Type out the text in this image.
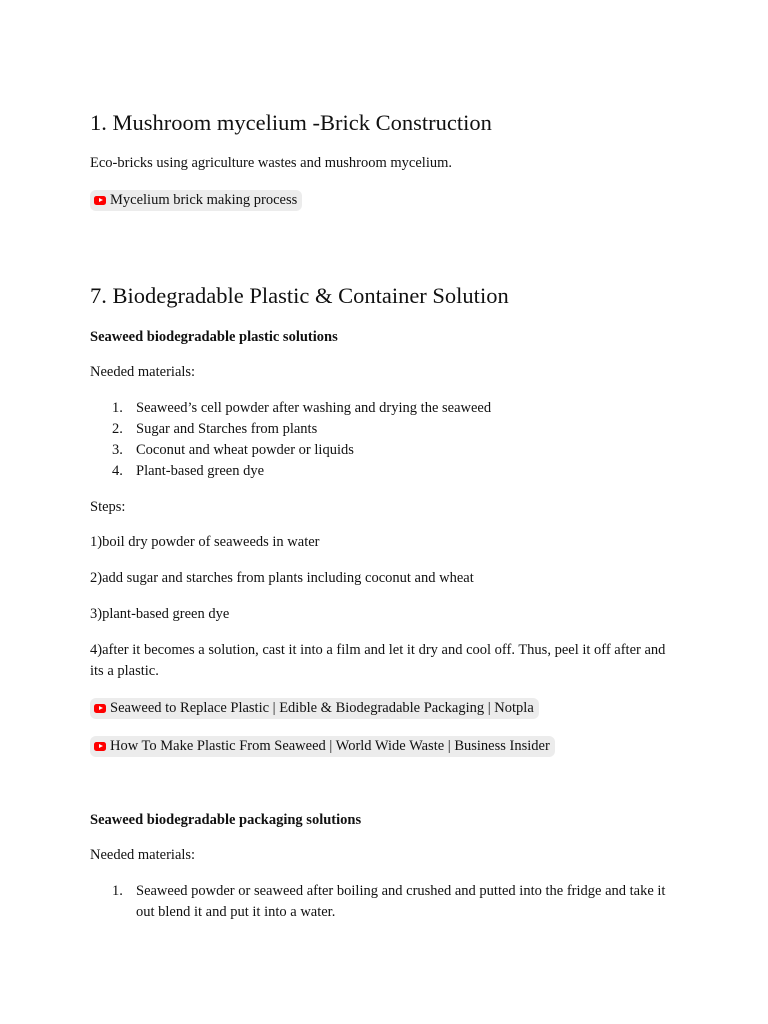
1. Mushroom mycelium -Brick Construction
Eco-bricks using agriculture wastes and mushroom mycelium.
Mycelium brick making process
7. Biodegradable Plastic & Container Solution
Seaweed biodegradable plastic solutions
Needed materials:
1. Seaweed’s cell powder after washing and drying the seaweed
2. Sugar and Starches from plants
3. Coconut and wheat powder or liquids
4. Plant-based green dye
Steps:
1)boil dry powder of seaweeds in water
2)add sugar and starches from plants including coconut and wheat
3)plant-based green dye
4)after it becomes a solution, cast it into a film and let it dry and cool off. Thus, peel it off after and its a plastic.
Seaweed to Replace Plastic | Edible & Biodegradable Packaging | Notpla
How To Make Plastic From Seaweed | World Wide Waste | Business Insider
Seaweed biodegradable packaging solutions
Needed materials:
1. Seaweed powder or seaweed after boiling and crushed and putted into the fridge and take it out blend it and put it into a water.
